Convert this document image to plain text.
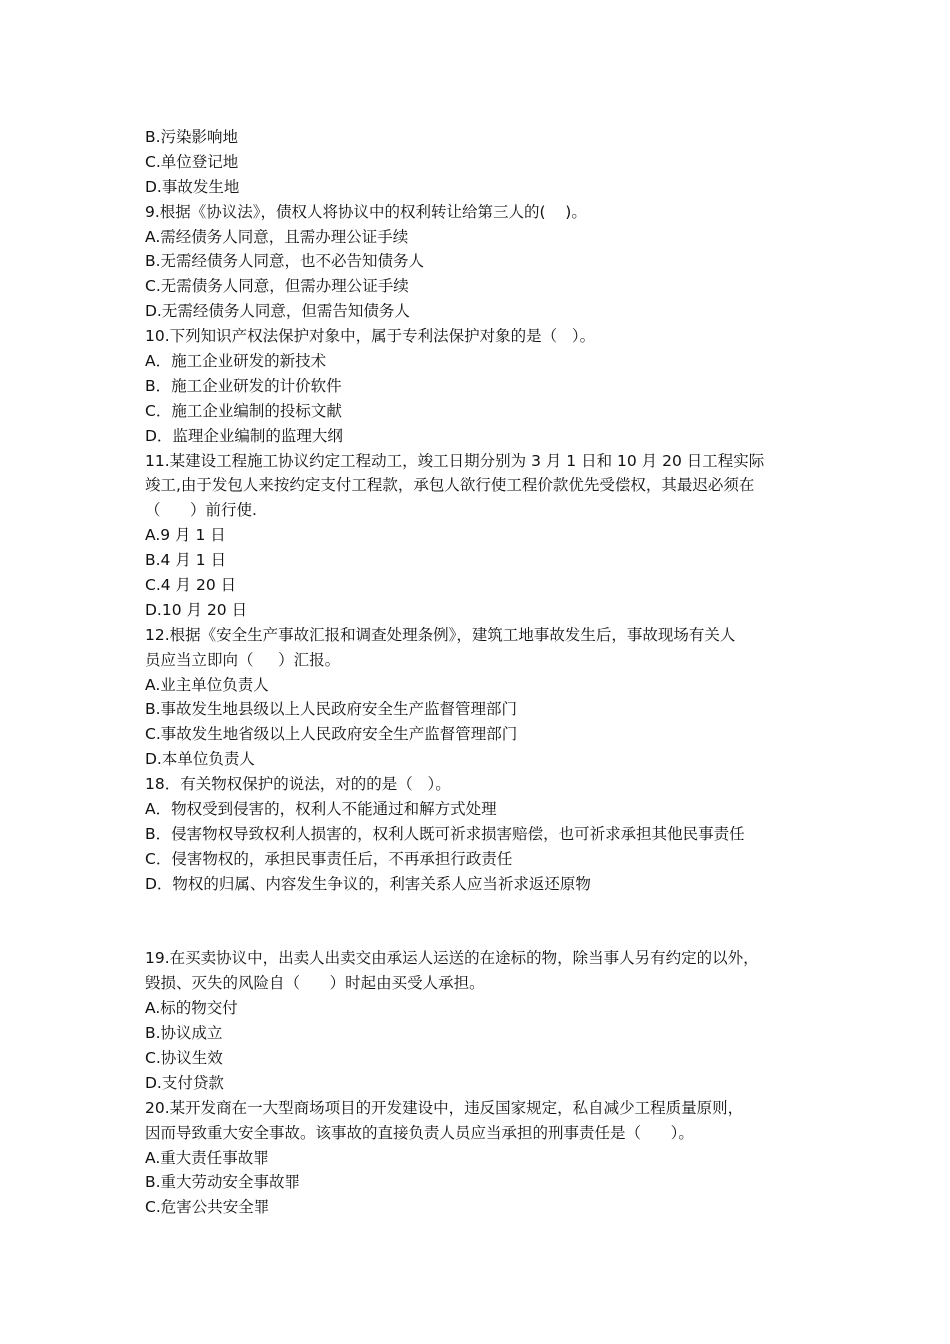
B.污染影响地
C.单位登记地
D.事故发生地
9.根据《协议法》，债权人将协议中的权利转让给第三人的(    )。
A.需经债务人同意，且需办理公证手续
B.无需经债务人同意，也不必告知债务人
C.无需债务人同意，但需办理公证手续
D.无需经债务人同意，但需告知债务人
10.下列知识产权法保护对象中，属于专利法保护对象的是（   ）。
A．施工企业研发的新技术
B．施工企业研发的计价软件
C．施工企业编制的投标文献
D．监理企业编制的监理大纲
11.某建设工程施工协议约定工程动工，竣工日期分别为 3 月 1 日和 10 月 20 日工程实际
竣工,由于发包人来按约定支付工程款，承包人欲行使工程价款优先受偿权，其最迟必须在
（      ）前行使.
A.9 月 1 日
B.4 月 1 日
C.4 月 20 日
D.10 月 20 日
12.根据《安全生产事故汇报和调查处理条例》，建筑工地事故发生后，事故现场有关人
员应当立即向（     ）汇报。
A.业主单位负责人
B.事故发生地县级以上人民政府安全生产监督管理部门
C.事故发生地省级以上人民政府安全生产监督管理部门
D.本单位负责人
18．有关物权保护的说法，对的的是（   ）。
A．物权受到侵害的，权利人不能通过和解方式处理
B．侵害物权导致权利人损害的，权利人既可祈求损害赔偿，也可祈求承担其他民事责任
C．侵害物权的，承担民事责任后，不再承担行政责任
D．物权的归属、内容发生争议的，利害关系人应当祈求返还原物
19.在买卖协议中，出卖人出卖交由承运人运送的在途标的物，除当事人另有约定的以外，
毁损、灭失的风险自（      ）时起由买受人承担。
A.标的物交付
B.协议成立
C.协议生效
D.支付贷款
20.某开发商在一大型商场项目的开发建设中，违反国家规定，私自减少工程质量原则，
因而导致重大安全事故。该事故的直接负责人员应当承担的刑事责任是（      ）。
A.重大责任事故罪
B.重大劳动安全事故罪
C.危害公共安全罪
